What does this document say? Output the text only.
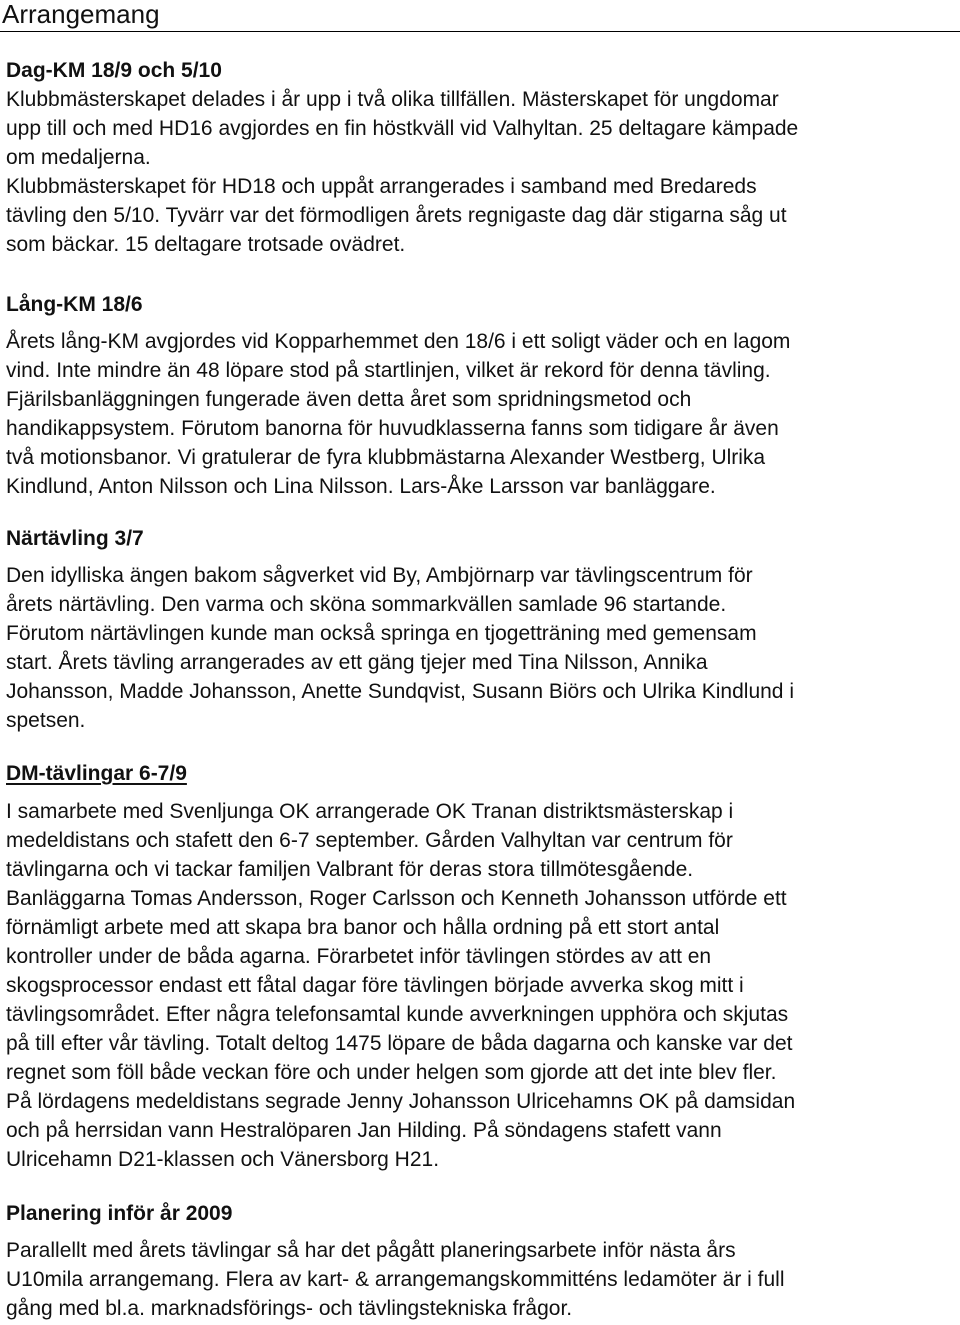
Arrangemang
Dag-KM 18/9 och 5/10

Klubbmästerskapet delades i år upp i två olika tillfällen. Mästerskapet för ungdomar
upp till och med HD16 avgjordes en fin höstkväll vid Valhyltan. 25 deltagare kämpade
om medaljerna.
Klubbmästerskapet för HD18 och uppåt arrangerades i samband med Bredareds
tävling den 5/10. Tyvärr var det förmodligen årets regnigaste dag där stigarna såg ut
som bäckar. 15 deltagare trotsade ovädret.

Lång-KM 18/6

Årets lång-KM avgjordes vid Kopparhemmet den 18/6 i ett soligt väder och en lagom
vind. Inte mindre än 48 löpare stod på startlinjen, vilket är rekord för denna tävling.
Fjärilsbanläggningen fungerade även detta året som spridningsmetod och
handikappsystem. Förutom banorna för huvudklasserna fanns som tidigare år även
två motionsbanor. Vi gratulerar de fyra klubbmästarna Alexander Westberg, Ulrika
Kindlund, Anton Nilsson och Lina Nilsson. Lars-Åke Larsson var banläggare.

Närtävling 3/7

Den idylliska ängen bakom sågverket vid By, Ambjörnarp var tävlingscentrum för
årets närtävling. Den varma och sköna sommarkvällen samlade 96 startande.
Förutom närtävlingen kunde man också springa en tjogetträning med gemensam
start. Årets tävling arrangerades av ett gäng tjejer med Tina Nilsson, Annika
Johansson, Madde Johansson, Anette Sundqvist, Susann Biörs och Ulrika Kindlund i
spetsen.

DM-tävlingar 6-7/9

I samarbete med Svenljunga OK arrangerade OK Tranan distriktsmästerskap i
medeldistans och stafett den 6-7 september. Gården Valhyltan var centrum för
tävlingarna och vi tackar familjen Valbrant för deras stora tillmötesgående.
Banläggarna Tomas Andersson, Roger Carlsson och Kenneth Johansson utförde ett
förnämligt arbete med att skapa bra banor och hålla ordning på ett stort antal
kontroller under de båda agarna. Förarbetet inför tävlingen stördes av att en
skogsprocessor endast ett fåtal dagar före tävlingen började avverka skog mitt i
tävlingsområdet. Efter några telefonsamtal kunde avverkningen upphöra och skjutas
på till efter vår tävling. Totalt deltog 1475 löpare de båda dagarna och kanske var det
regnet som föll både veckan före och under helgen som gjorde att det inte blev fler.
På lördagens medeldistans segrade Jenny Johansson Ulricehamns OK på damsidan
och på herrsidan vann Hestralöparen Jan Hilding. På söndagens stafett vann
Ulricehamn D21-klassen och Vänersborg H21.

Planering inför år 2009

Parallellt med årets tävlingar så har det pågått planeringsarbete inför nästa års
U10mila arrangemang. Flera av kart- & arrangemangskommitténs ledamöter är i full
gång med bl.a. marknadsförings- och tävlingstekniska frågor.
